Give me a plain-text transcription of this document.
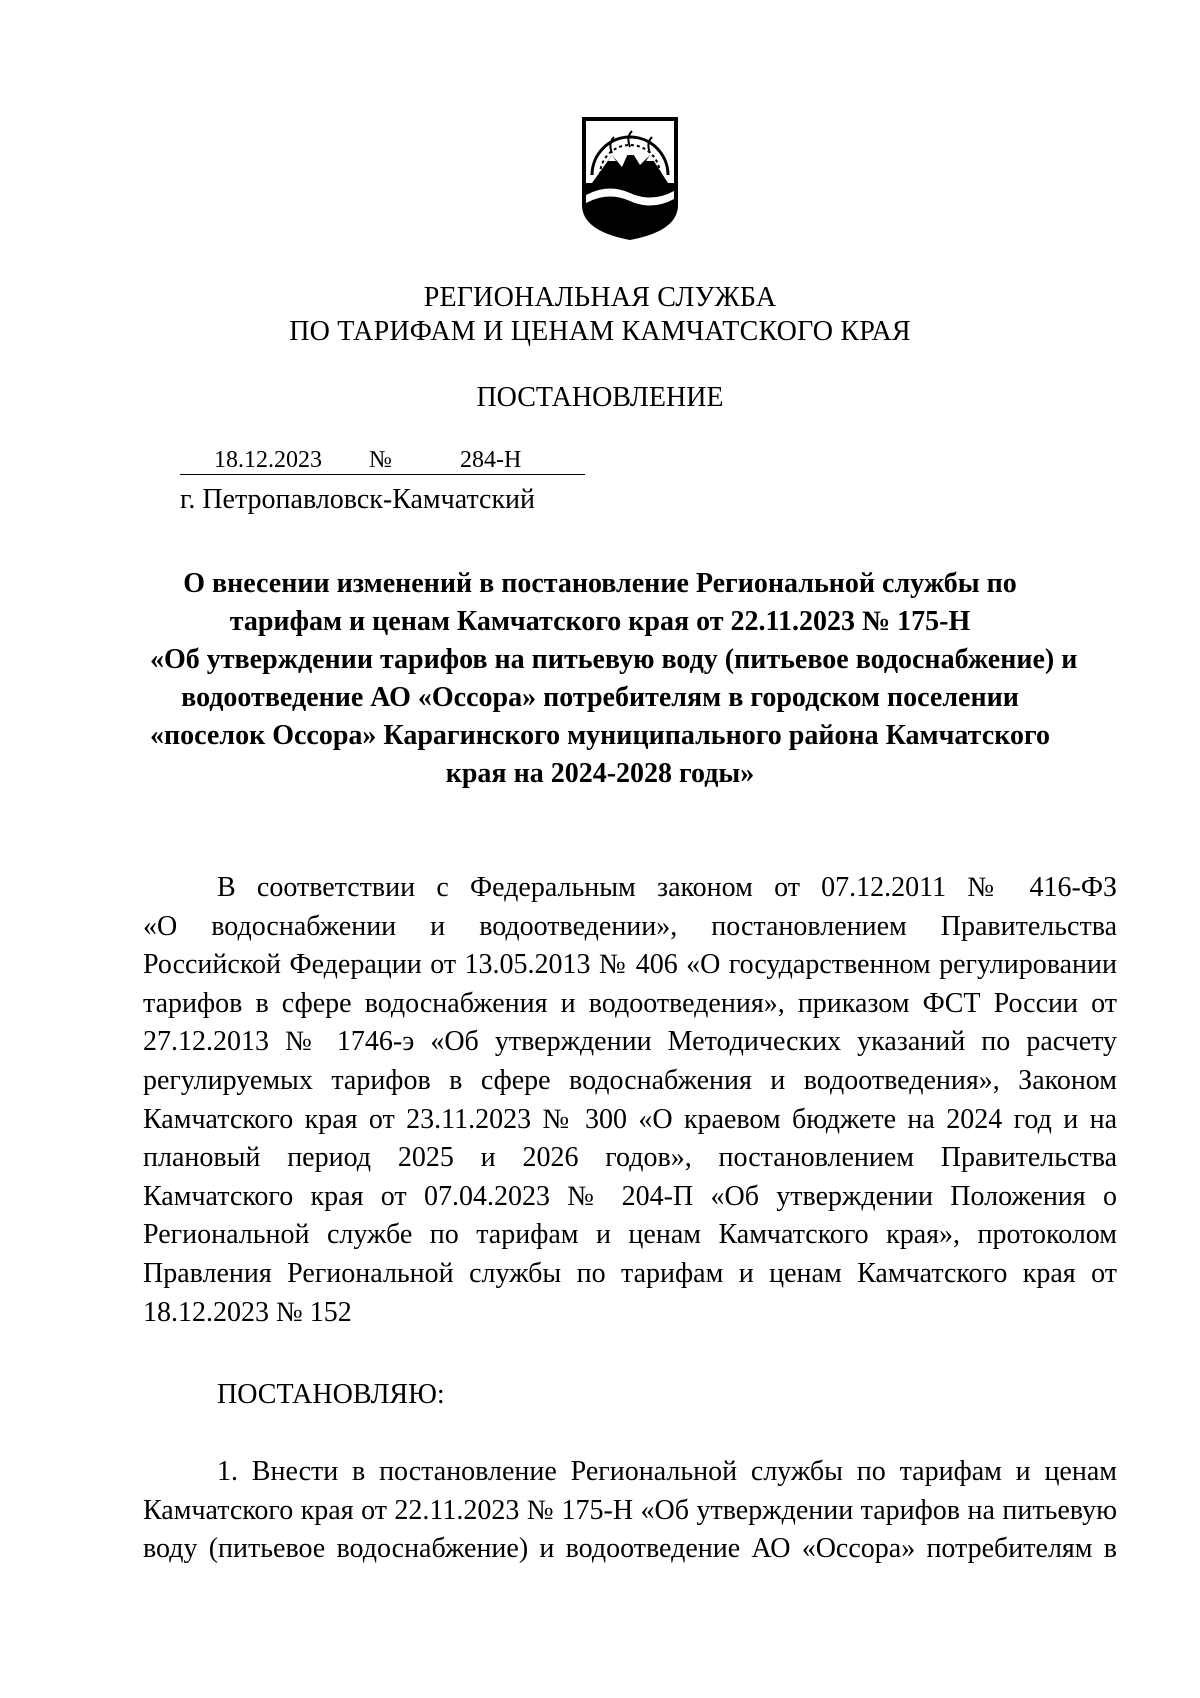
РЕГИОНАЛЬНАЯ СЛУЖБА
ПО ТАРИФАМ И ЦЕНАМ КАМЧАТСКОГО КРАЯ
ПОСТАНОВЛЕНИЕ
18.12.2023 №	284-Н
г. Петропавловск-Камчатский
О внесении изменений в постановление Региональной службы по
тарифам и ценам Камчатского края от 22.11.2023 № 175-Н
«Об утверждении тарифов на питьевую воду (питьевое водоснабжение) и
водоотведение АО «Оссора» потребителям в городском поселении
«поселок Оссора» Карагинского муниципального района Камчатского
края на 2024-2028 годы»
В соответствии с Федеральным законом от 07.12.2011 № 416-ФЗ
«О водоснабжении и водоотведении», постановлением Правительства
Российской Федерации от 13.05.2013 № 406 «О государственном регулировании
тарифов в сфере водоснабжения и водоотведения», приказом ФСТ России от
27.12.2013 № 1746-э «Об утверждении Методических указаний по расчету
регулируемых тарифов в сфере водоснабжения и водоотведения», Законом
Камчатского края от 23.11.2023 № 300 «О краевом бюджете на 2024 год и на
плановый период 2025 и 2026 годов», постановлением Правительства
Камчатского края от 07.04.2023 № 204-П «Об утверждении Положения о
Региональной службе по тарифам и ценам Камчатского края», протоколом
Правления Региональной службы по тарифам и ценам Камчатского края от
18.12.2023 № 152
ПОСТАНОВЛЯЮ:
1. Внести в постановление Региональной службы по тарифам и ценам
Камчатского края от 22.11.2023 № 175-Н «Об утверждении тарифов на питьевую
воду (питьевое водоснабжение) и водоотведение АО «Оссора» потребителям в
